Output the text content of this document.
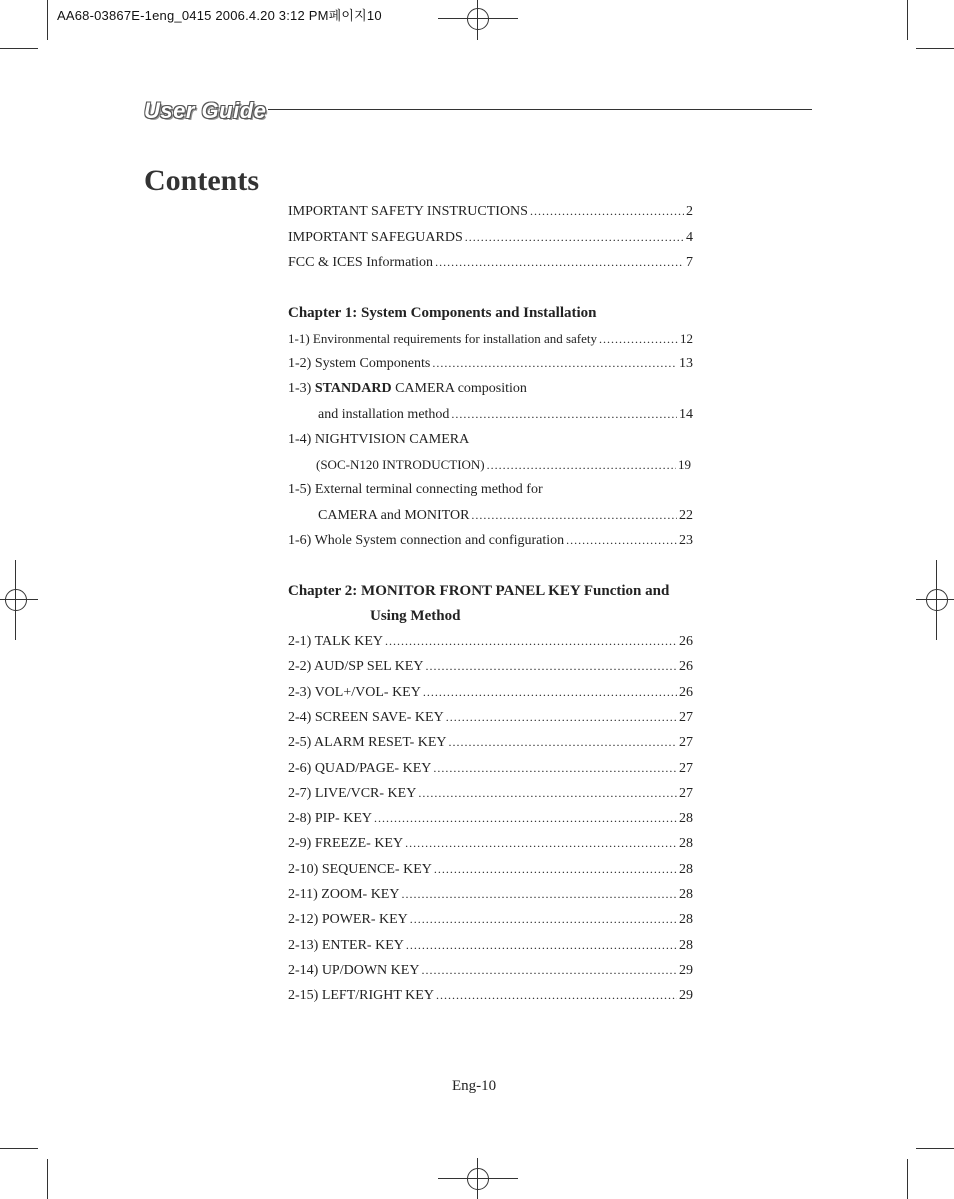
AA68-03867E-1eng_0415 2006.4.20 3:12 PM페이지10
User Guide
Contents
IMPORTANT SAFETY INSTRUCTIONS .....	2
IMPORTANT SAFEGUARDS .....	4
FCC & ICES Information .....	7
Chapter 1: System Components and Installation
1-1) Environmental requirements for installation and safety .....	12
1-2) System Components .....	13
1-3) STANDARD CAMERA composition
and installation method .....	14
1-4) NIGHTVISION CAMERA
(SOC-N120 INTRODUCTION) .....	19
1-5) External terminal connecting method for
CAMERA and MONITOR .....	22
1-6) Whole System connection and configuration .....	23
Chapter 2: MONITOR FRONT PANEL KEY Function and
Using Method
2-1) TALK KEY .....	26
2-2) AUD/SP SEL KEY .....	26
2-3) VOL+/VOL- KEY .....	26
2-4) SCREEN SAVE- KEY .....	27
2-5) ALARM RESET- KEY .....	27
2-6) QUAD/PAGE- KEY .....	27
2-7) LIVE/VCR- KEY .....	27
2-8) PIP- KEY .....	28
2-9) FREEZE- KEY .....	28
2-10) SEQUENCE- KEY .....	28
2-11) ZOOM- KEY .....	28
2-12) POWER- KEY .....	28
2-13) ENTER- KEY .....	28
2-14) UP/DOWN KEY .....	29
2-15) LEFT/RIGHT KEY .....	29
Eng-10
